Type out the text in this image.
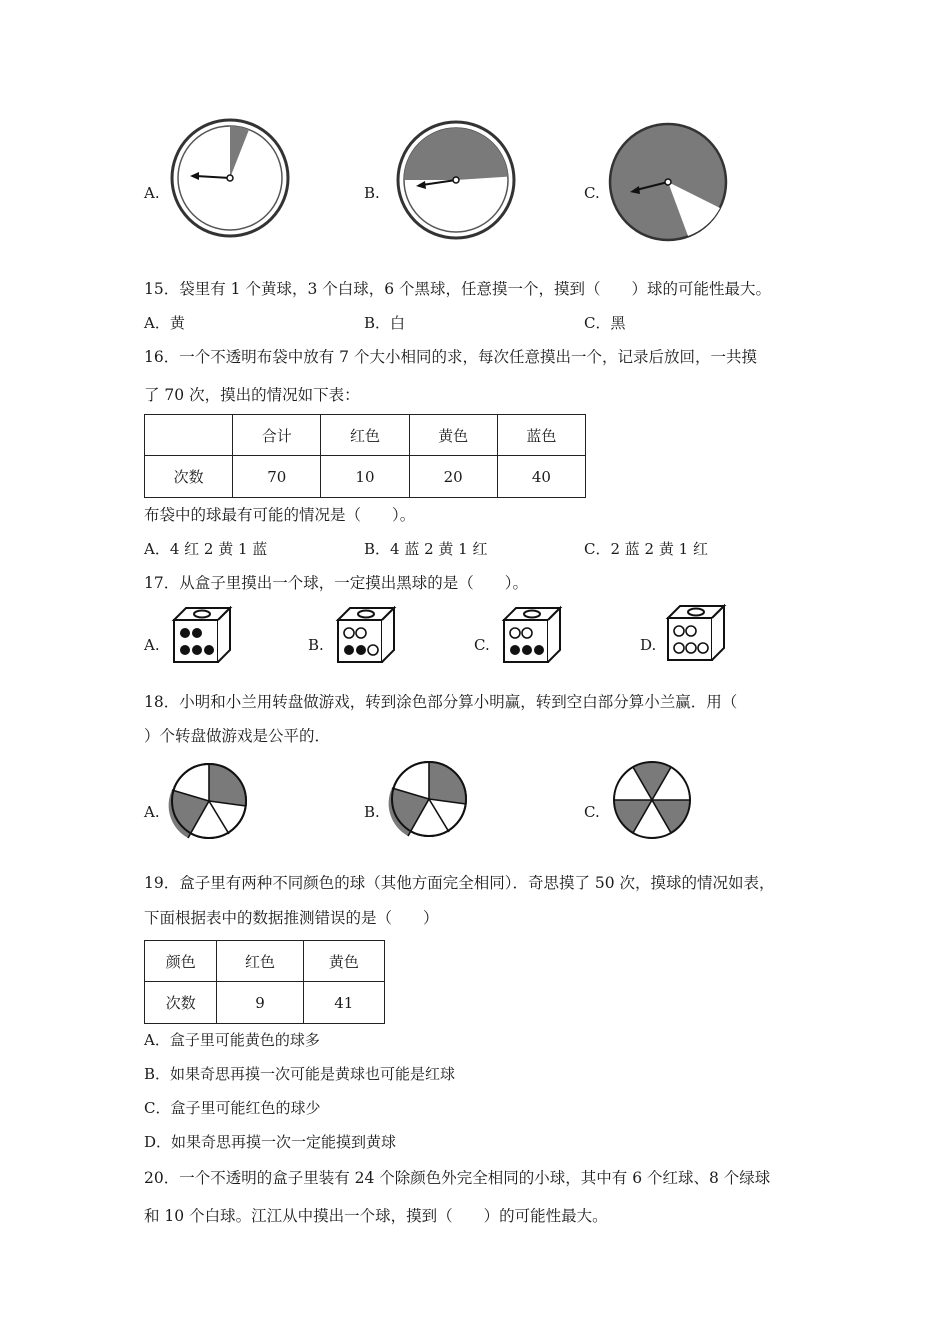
A.	B.	C.
15．袋里有 1 个黄球，3 个白球，6 个黑球，任意摸一个，摸到（　　）球的可能性最大。
A．黄	B．白	C．黑
16．一个不透明布袋中放有 7 个大小相同的求，每次任意摸出一个，记录后放回，一共摸
了 70 次，摸出的情况如下表：
	合计	红色	黄色	蓝色
次数	70	10	20	40
布袋中的球最有可能的情况是（　　）。
A．4 红 2 黄 1 蓝	B．4 蓝 2 黄 1 红	C．2 蓝 2 黄 1 红
17．从盒子里摸出一个球，一定摸出黑球的是（　　）。
A.	B.	C.	D.
18．小明和小兰用转盘做游戏，转到涂色部分算小明赢，转到空白部分算小兰赢．用（
）个转盘做游戏是公平的．
A.	B.	C.
19．盒子里有两种不同颜色的球（其他方面完全相同）．奇思摸了 50 次，摸球的情况如表，
下面根据表中的数据推测错误的是（　　）
颜色	红色	黄色
次数	9	41
A．盒子里可能黄色的球多
B．如果奇思再摸一次可能是黄球也可能是红球
C．盒子里可能红色的球少
D．如果奇思再摸一次一定能摸到黄球
20．一个不透明的盒子里装有 24 个除颜色外完全相同的小球，其中有 6 个红球、8 个绿球
和 10 个白球。江江从中摸出一个球，摸到（　　）的可能性最大。
